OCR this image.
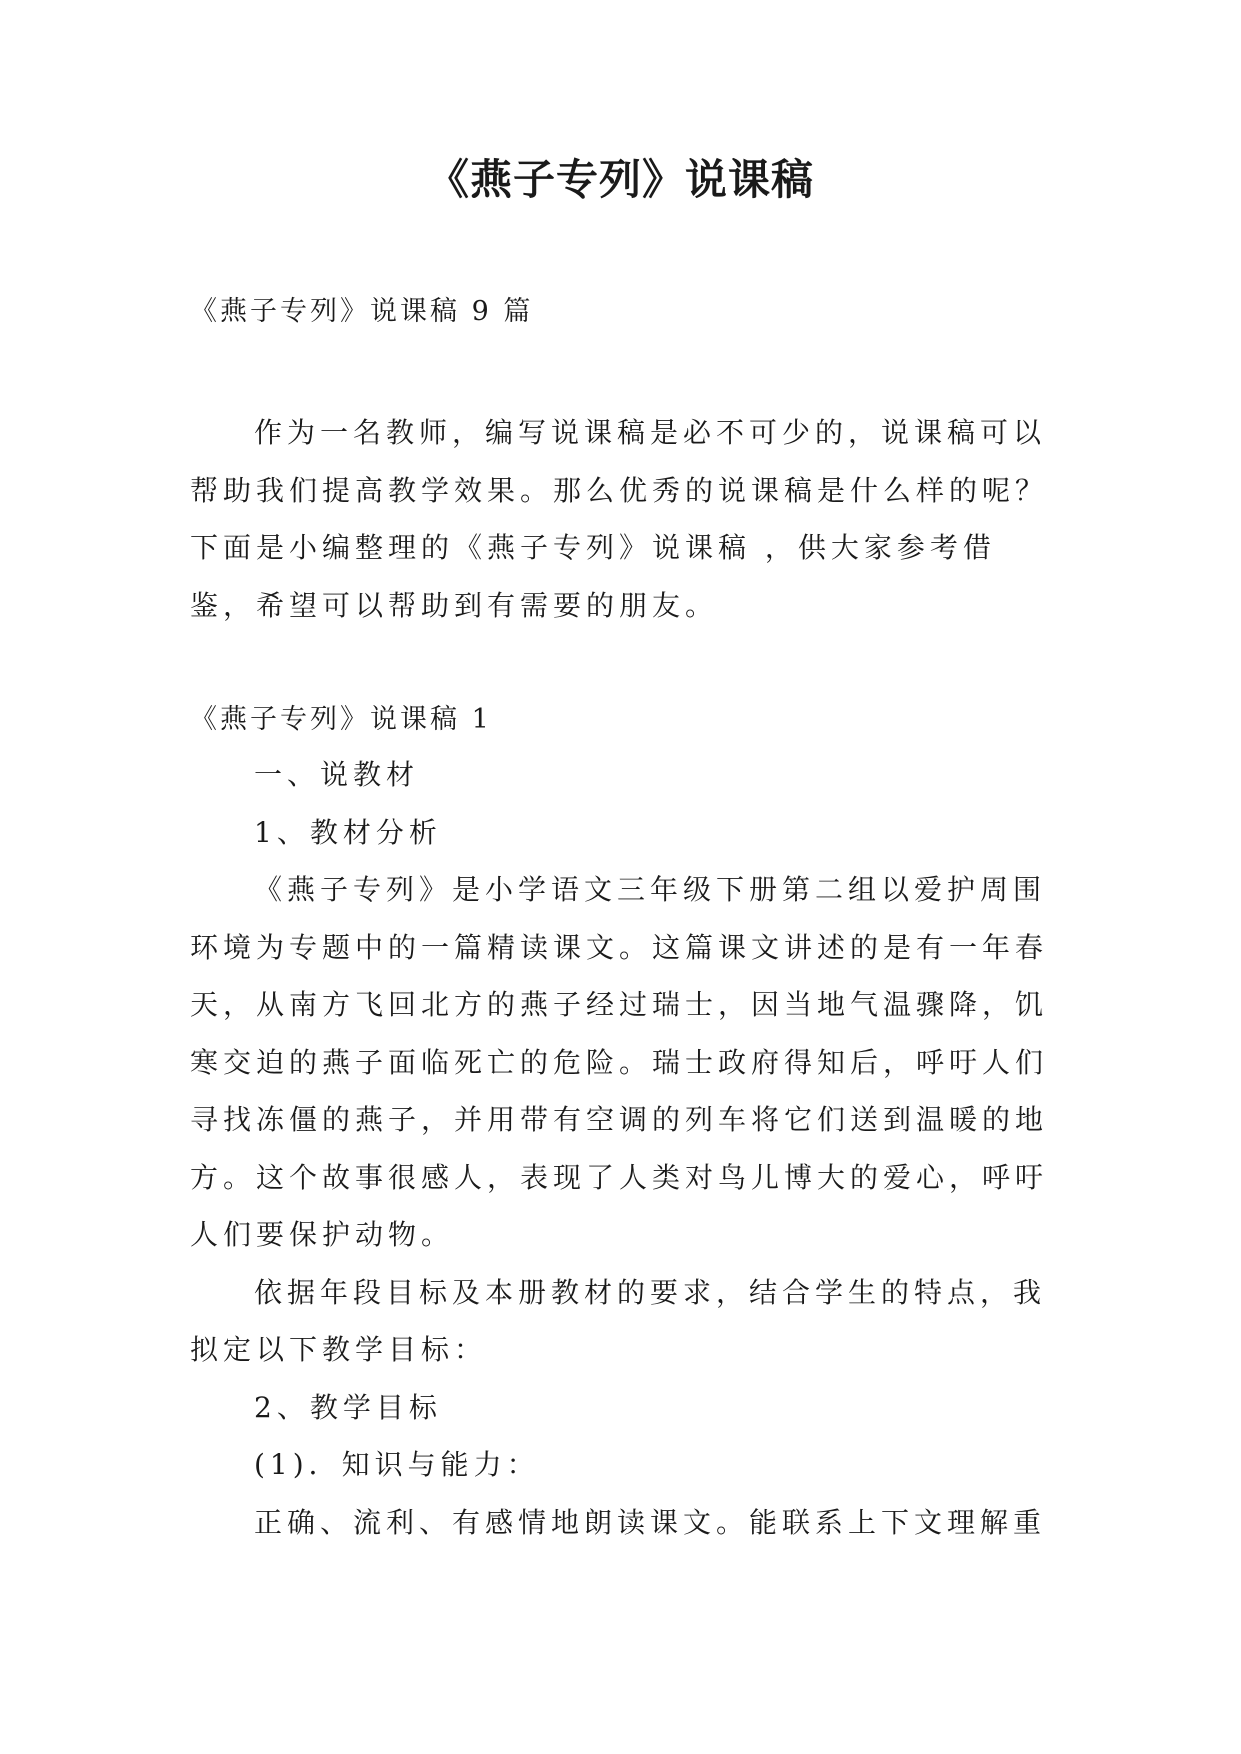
《燕子专列》说课稿

《燕子专列》说课稿 9 篇

作为一名教师，编写说课稿是必不可少的，说课稿可以帮助我们提高教学效果。那么优秀的说课稿是什么样的呢？下面是小编整理的《燕子专列》说课稿 ，供大家参考借鉴，希望可以帮助到有需要的朋友。

《燕子专列》说课稿 1

一、说教材

1、教材分析

《燕子专列》是小学语文三年级下册第二组以爱护周围环境为专题中的一篇精读课文。这篇课文讲述的是有一年春天，从南方飞回北方的燕子经过瑞士，因当地气温骤降，饥寒交迫的燕子面临死亡的危险。瑞士政府得知后，呼吁人们寻找冻僵的燕子，并用带有空调的列车将它们送到温暖的地方。这个故事很感人，表现了人类对鸟儿博大的爱心，呼吁人们要保护动物。

依据年段目标及本册教材的要求，结合学生的特点，我拟定以下教学目标：

2、教学目标

(1)．知识与能力：

正确、流利、有感情地朗读课文。能联系上下文理解重
